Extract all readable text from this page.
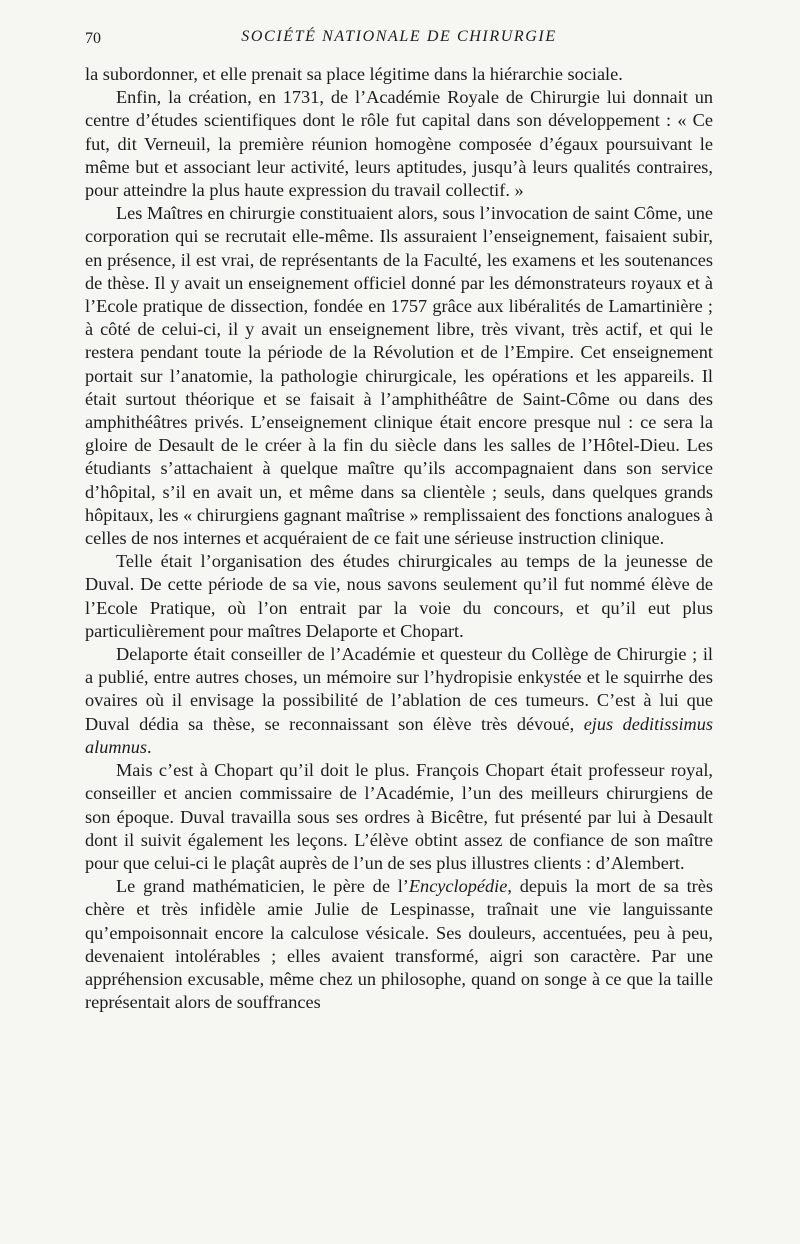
70	SOCIÉTÉ NATIONALE DE CHIRURGIE

la subordonner, et elle prenait sa place légitime dans la hiérarchie sociale.

Enfin, la création, en 1731, de l’Académie Royale de Chirurgie lui donnait un centre d’études scientifiques dont le rôle fut capital dans son développement : « Ce fut, dit Verneuil, la première réunion homogène composée d’égaux poursuivant le même but et associant leur activité, leurs aptitudes, jusqu’à leurs qualités contraires, pour atteindre la plus haute expression du travail collectif. »

Les Maîtres en chirurgie constituaient alors, sous l’invocation de saint Côme, une corporation qui se recrutait elle-même. Ils assuraient l’enseignement, faisaient subir, en présence, il est vrai, de représentants de la Faculté, les examens et les soutenances de thèse. Il y avait un enseignement officiel donné par les démonstrateurs royaux et à l’Ecole pratique de dissection, fondée en 1757 grâce aux libéralités de Lamartinière ; à côté de celui-ci, il y avait un enseignement libre, très vivant, très actif, et qui le restera pendant toute la période de la Révolution et de l’Empire. Cet enseignement portait sur l’anatomie, la pathologie chirurgicale, les opérations et les appareils. Il était surtout théorique et se faisait à l’amphithéâtre de Saint-Côme ou dans des amphithéâtres privés. L’enseignement clinique était encore presque nul : ce sera la gloire de Desault de le créer à la fin du siècle dans les salles de l’Hôtel-Dieu. Les étudiants s’attachaient à quelque maître qu’ils accompagnaient dans son service d’hôpital, s’il en avait un, et même dans sa clientèle ; seuls, dans quelques grands hôpitaux, les « chirurgiens gagnant maîtrise » remplissaient des fonctions analogues à celles de nos internes et acquéraient de ce fait une sérieuse instruction clinique.

Telle était l’organisation des études chirurgicales au temps de la jeunesse de Duval. De cette période de sa vie, nous savons seulement qu’il fut nommé élève de l’Ecole Pratique, où l’on entrait par la voie du concours, et qu’il eut plus particulièrement pour maîtres Delaporte et Chopart.

Delaporte était conseiller de l’Académie et questeur du Collège de Chirurgie ; il a publié, entre autres choses, un mémoire sur l’hydropisie enkystée et le squirrhe des ovaires où il envisage la possibilité de l’ablation de ces tumeurs. C’est à lui que Duval dédia sa thèse, se reconnaissant son élève très dévoué, ejus deditissimus alumnus.

Mais c’est à Chopart qu’il doit le plus. François Chopart était professeur royal, conseiller et ancien commissaire de l’Académie, l’un des meilleurs chirurgiens de son époque. Duval travailla sous ses ordres à Bicêtre, fut présenté par lui à Desault dont il suivit également les leçons. L’élève obtint assez de confiance de son maître pour que celui-ci le plaçât auprès de l’un de ses plus illustres clients : d’Alembert.

Le grand mathématicien, le père de l’Encyclopédie, depuis la mort de sa très chère et très infidèle amie Julie de Lespinasse, traînait une vie languissante qu’empoisonnait encore la calculose vésicale. Ses douleurs, accentuées, peu à peu, devenaient intolérables ; elles avaient transformé, aigri son caractère. Par une appréhension excusable, même chez un philosophe, quand on songe à ce que la taille représentait alors de souffrances
